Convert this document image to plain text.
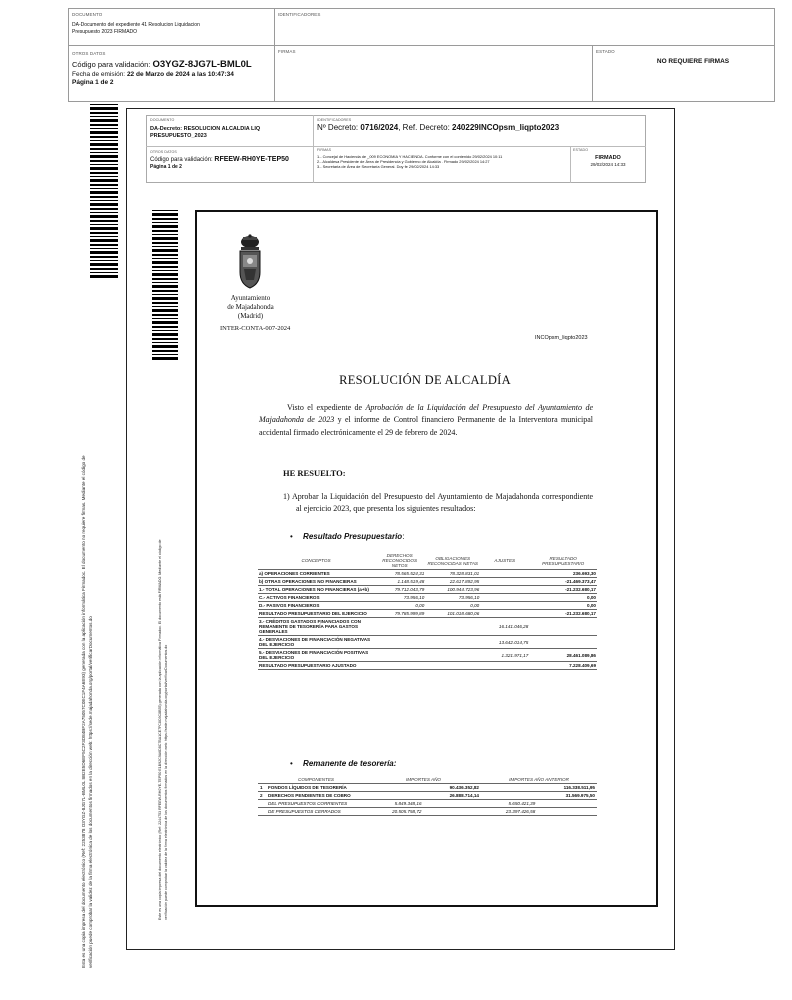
DOCUMENTO
DA-Documento del expediente 41 Resolucion Liquidacion Presupuesto 2023 FIRMADO
IDENTIFICADORES
OTROS DATOS
Código para validación: O3YGZ-8JG7L-BML0L
Fecha de emisión: 22 de Marzo de 2024 a las 10:47:34
Página 1 de 2
FIRMAS	ESTADO
NO REQUIERE FIRMAS
Esta es una copia impresa del documento electrónico (Ref: 2253878 O3YGZ-8JG7L-BML0L 8B2E5D6EF5C2F3D84BF2A75057C0EC1F4A6E93) generada con la aplicación informática Firmadoc. El documento no requiere firmas. Mediante el código de verificación puede comprobar la validez de la firma electrónica de los documentos firmados en la dirección web: https://sede.majadahonda.org/portal/verificarDocumentos.do	Este es una copia impresa del documento electrónico (Ref: 2244753 RFEEW-RH0YE-TEP50 E1B92C9A6D8C7BA1CE7FC8C6C8B55) generada con la aplicación informática Firmadoc. El documento está FIRMADO. Mediante el código de verificación puede comprobar la validez de la firma electrónica de los documentos firmados en la dirección web: https://sede.majadahonda.org/portal/verificarDocumentos.do
DOCUMENTO
DA-Decreto: RESOLUCION ALCALDIA LIQ PRESUPUESTO_2023
IDENTIFICADORES
Nº Decreto: 0716/2024, Ref. Decreto: 240229INCOpsm_liqpto2023
OTROS DATOS
Código para validación: RFEEW-RH0YE-TEP50
Página 1 de 2
FIRMAS
1.- Concejal de Hacienda de _009 ECONOMIA Y HACIENDA. Conforme con el contenido 29/02/2024 10:11
2.- Alcaldesa Presidente de Área de Presidencia y Gobierno de Alcaldía . Firmado 29/02/2024 14:27
3.- Secretaria de Área de Secretaría General. Doy fe 29/02/2024 14:33
ESTADO
FIRMADO
29/02/2024 14:33
Ayuntamiento
de Majadahonda
(Madrid)
INTER-CONTA-007-2024
INCOpsm_liqpto2023
RESOLUCIÓN DE ALCALDÍA
Visto el expediente de Aprobación de la Liquidación del Presupuesto del Ayuntamiento de Majadahonda de 2023 y el informe de Control financiero Permanente de la Interventora municipal accidental firmado electrónicamente el 29 de febrero de 2024.
HE RESUELTO:
1) Aprobar la Liquidación del Presupuesto del Ayuntamiento de Majadahonda correspondiente al ejercicio 2023, que presenta los siguientes resultados:
• Resultado Presupuestario:
CONCEPTOS	DERECHOS RECONOCIDOS NETOS	OBLIGACIONES RECONOCIDAS NETAS	AJUSTES	RESULTADO PRESUPUESTARIO
a) OPERACIONES CORRIENTES	78.565.524,31	78.328.831,01		236.693,30
b) OTRAS OPERACIONES NO FINANCIERAS	1.148.519,48	22.617.892,95		-21.469.373,47
1.- TOTAL OPERACIONES NO FINANCIERAS (a+b)	79.712.043,79	100.944.723,96		-21.232.680,17
C.- ACTIVOS FINANCIEROS	73.956,10	73.956,10		0,00
D.- PASIVOS FINANCIEROS	0,00	0,00		0,00
RESULTADO PRESUPUESTARIO DEL EJERCICIO	79.785.999,89	101.018.680,06		-21.232.680,17
3.- CRÉDITOS GASTADOS FINANCIADOS CON REMANENTE DE TESORERÍA PARA GASTOS GENERALES			16.141.046,28	
4.- DESVIACIONES DE FINANCIACIÓN NEGATIVAS DEL EJERCICIO			13.642.014,75	
5.- DESVIACIONES DE FINANCIACIÓN POSITIVAS DEL EJERCICIO			1.321.971,17	28.461.089,86
RESULTADO PRESUPUESTARIO AJUSTADO				7.228.409,69
• Remanente de tesorería:
	COMPONENTES	IMPORTES AÑO		IMPORTES AÑO ANTERIOR	
1	FONDOS LÍQUIDOS DE TESORERÍA		90.436.352,82		116.338.511,95
2	DERECHOS PENDIENTES DE COBRO		26.888.714,14		31.569.975,50
	DEL PRESUPUESTOS CORRIENTES	5.849.348,16		5.650.421,39	
	DE PRESUPUESTOS CERRADOS	20.505.758,72		23.397.426,58	
